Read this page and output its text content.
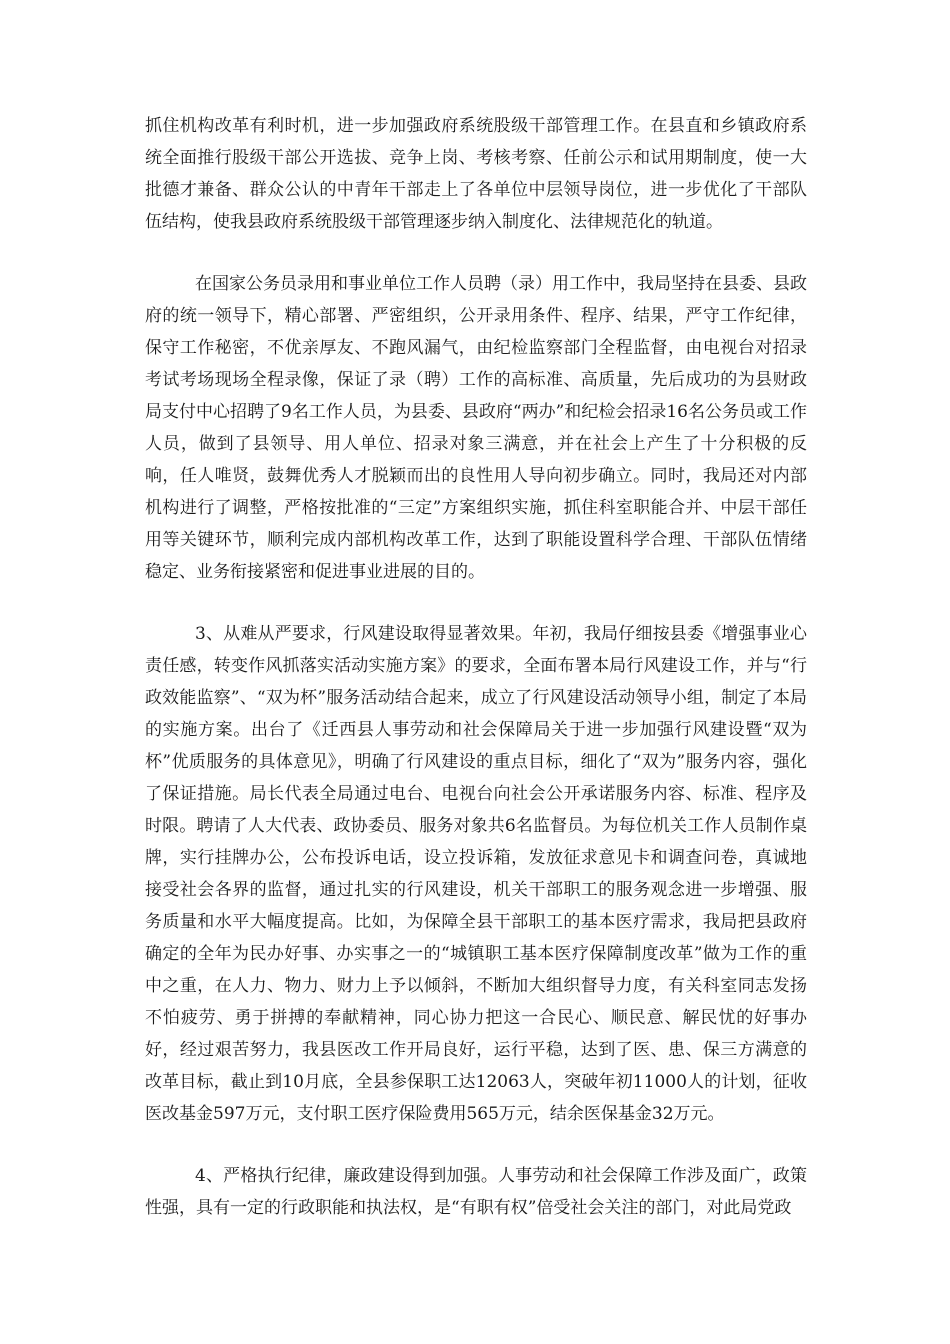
抓住机构改革有利时机，进一步加强政府系统股级干部管理工作。在县直和乡镇政府系统全面推行股级干部公开选拔、竞争上岗、考核考察、任前公示和试用期制度，使一大批德才兼备、群众公认的中青年干部走上了各单位中层领导岗位，进一步优化了干部队伍结构，使我县政府系统股级干部管理逐步纳入制度化、法律规范化的轨道。

在国家公务员录用和事业单位工作人员聘（录）用工作中，我局坚持在县委、县政府的统一领导下，精心部署、严密组织，公开录用条件、程序、结果，严守工作纪律，保守工作秘密，不优亲厚友、不跑风漏气，由纪检监察部门全程监督，由电视台对招录考试考场现场全程录像，保证了录（聘）工作的高标准、高质量，先后成功的为县财政局支付中心招聘了9名工作人员，为县委、县政府“两办”和纪检会招录16名公务员或工作人员，做到了县领导、用人单位、招录对象三满意，并在社会上产生了十分积极的反响，任人唯贤，鼓舞优秀人才脱颖而出的良性用人导向初步确立。同时，我局还对内部机构进行了调整，严格按批准的“三定”方案组织实施，抓住科室职能合并、中层干部任用等关键环节，顺利完成内部机构改革工作，达到了职能设置科学合理、干部队伍情绪稳定、业务衔接紧密和促进事业进展的目的。

3、从难从严要求，行风建设取得显著效果。年初，我局仔细按县委《增强事业心责任感，转变作风抓落实活动实施方案》的要求，全面布署本局行风建设工作，并与“行政效能监察”、“双为杯”服务活动结合起来，成立了行风建设活动领导小组，制定了本局的实施方案。出台了《迁西县人事劳动和社会保障局关于进一步加强行风建设暨“双为杯”优质服务的具体意见》，明确了行风建设的重点目标，细化了“双为”服务内容，强化了保证措施。局长代表全局通过电台、电视台向社会公开承诺服务内容、标准、程序及时限。聘请了人大代表、政协委员、服务对象共6名监督员。为每位机关工作人员制作桌牌，实行挂牌办公，公布投诉电话，设立投诉箱，发放征求意见卡和调查问卷，真诚地接受社会各界的监督，通过扎实的行风建设，机关干部职工的服务观念进一步增强、服务质量和水平大幅度提高。比如，为保障全县干部职工的基本医疗需求，我局把县政府确定的全年为民办好事、办实事之一的“城镇职工基本医疗保障制度改革”做为工作的重中之重，在人力、物力、财力上予以倾斜，不断加大组织督导力度，有关科室同志发扬不怕疲劳、勇于拼搏的奉献精神，同心协力把这一合民心、顺民意、解民忧的好事办好，经过艰苦努力，我县医改工作开局良好，运行平稳，达到了医、患、保三方满意的改革目标，截止到10月底，全县参保职工达12063人，突破年初11000人的计划，征收医改基金597万元，支付职工医疗保险费用565万元，结余医保基金32万元。

4、严格执行纪律，廉政建设得到加强。人事劳动和社会保障工作涉及面广，政策性强，具有一定的行政职能和执法权，是“有职有权”倍受社会关注的部门，对此局党政
